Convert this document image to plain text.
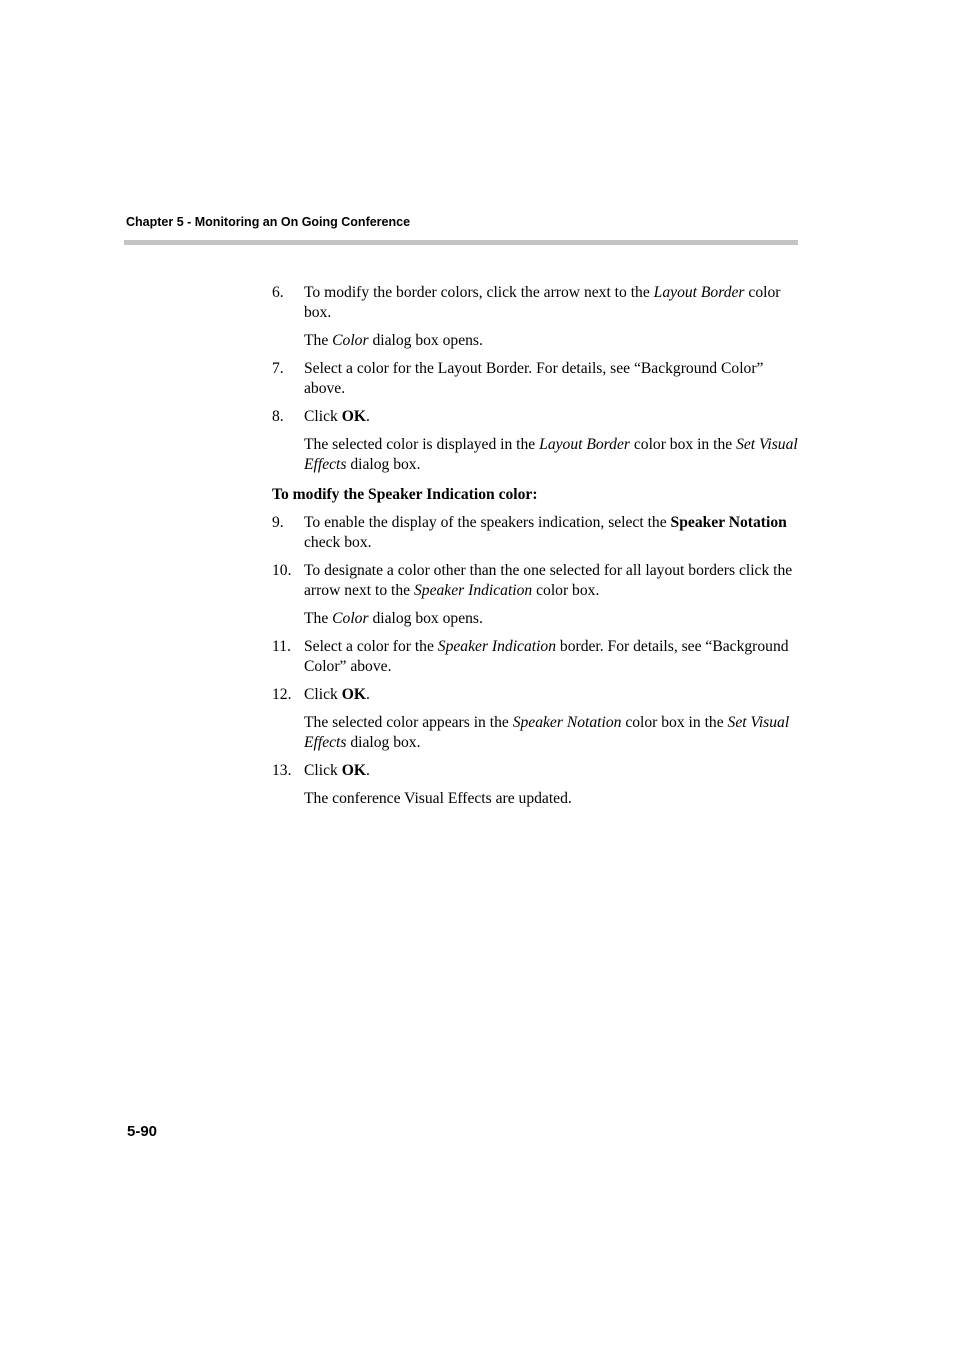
Chapter 5 - Monitoring an On Going Conference

6. To modify the border colors, click the arrow next to the Layout Border color box.

The Color dialog box opens.

7. Select a color for the Layout Border. For details, see “Background Color” above.

8. Click OK.

The selected color is displayed in the Layout Border color box in the Set Visual Effects dialog box.

To modify the Speaker Indication color:

9. To enable the display of the speakers indication, select the Speaker Notation check box.

10. To designate a color other than the one selected for all layout borders click the arrow next to the Speaker Indication color box.

The Color dialog box opens.

11. Select a color for the Speaker Indication border. For details, see “Background Color” above.

12. Click OK.

The selected color appears in the Speaker Notation color box in the Set Visual Effects dialog box.

13. Click OK.

The conference Visual Effects are updated.

5-90
